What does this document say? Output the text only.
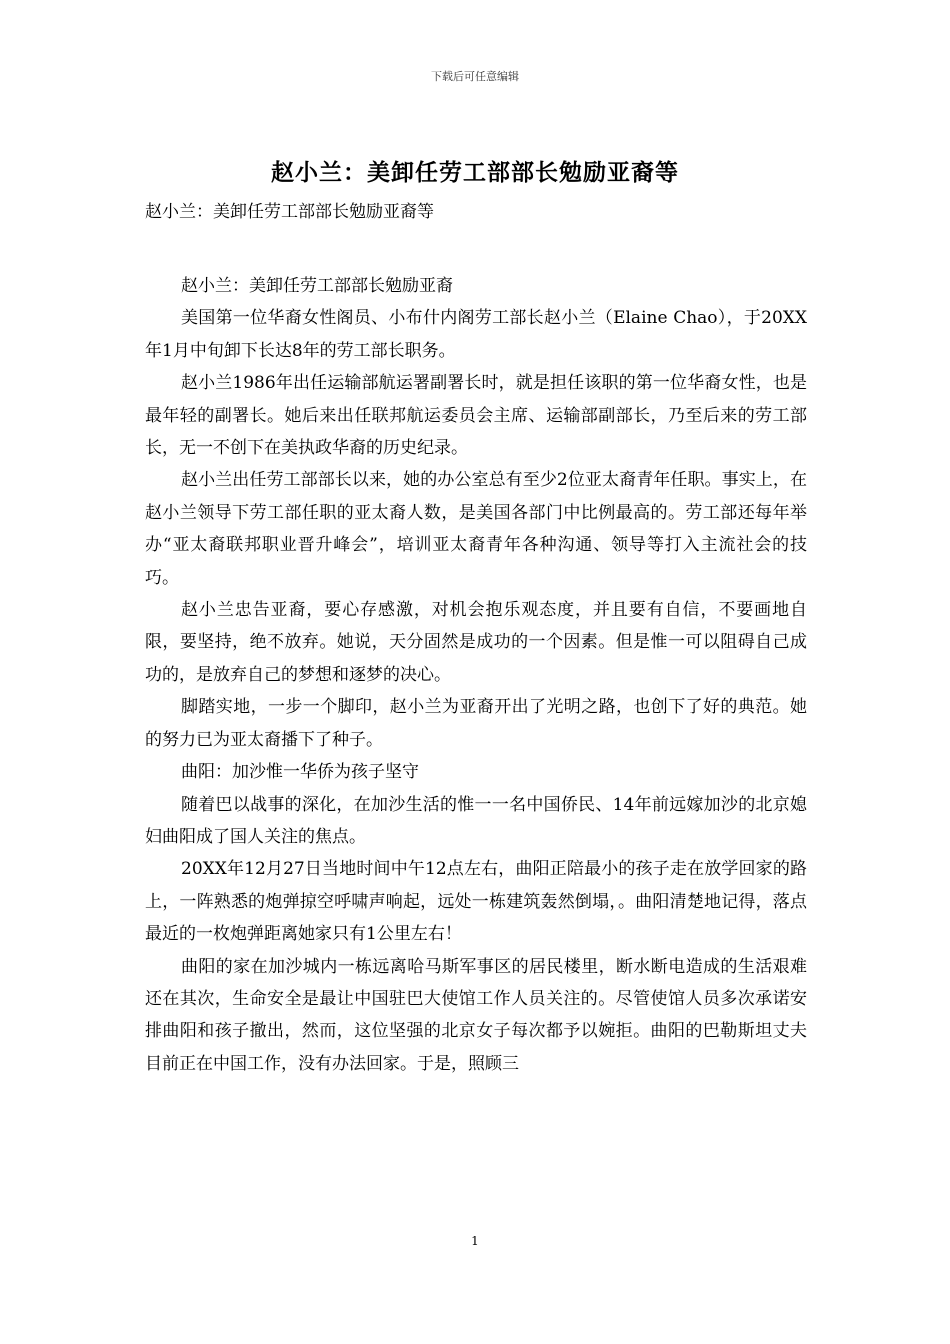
下载后可任意编辑
赵小兰：美卸任劳工部部长勉励亚裔等
赵小兰：美卸任劳工部部长勉励亚裔等

赵小兰：美卸任劳工部部长勉励亚裔

美国第一位华裔女性阁员、小布什内阁劳工部长赵小兰（Elaine Chao），于20XX年1月中旬卸下长达8年的劳工部长职务。

赵小兰1986年出任运输部航运署副署长时，就是担任该职的第一位华裔女性，也是最年轻的副署长。她后来出任联邦航运委员会主席、运输部副部长，乃至后来的劳工部长，无一不创下在美执政华裔的历史纪录。

赵小兰出任劳工部部长以来，她的办公室总有至少2位亚太裔青年任职。事实上，在赵小兰领导下劳工部任职的亚太裔人数，是美国各部门中比例最高的。劳工部还每年举办“亚太裔联邦职业晋升峰会”，培训亚太裔青年各种沟通、领导等打入主流社会的技巧。

赵小兰忠告亚裔，要心存感激，对机会抱乐观态度，并且要有自信，不要画地自限，要坚持，绝不放弃。她说，天分固然是成功的一个因素。但是惟一可以阻碍自己成功的，是放弃自己的梦想和逐梦的决心。

脚踏实地，一步一个脚印，赵小兰为亚裔开出了光明之路，也创下了好的典范。她的努力已为亚太裔播下了种子。

曲阳：加沙惟一华侨为孩子坚守

随着巴以战事的深化，在加沙生活的惟一一名中国侨民、14年前远嫁加沙的北京媳妇曲阳成了国人关注的焦点。

20XX年12月27日当地时间中午12点左右，曲阳正陪最小的孩子走在放学回家的路上，一阵熟悉的炮弹掠空呼啸声响起，远处一栋建筑轰然倒塌，。曲阳清楚地记得，落点最近的一枚炮弹距离她家只有1公里左右！

曲阳的家在加沙城内一栋远离哈马斯军事区的居民楼里，断水断电造成的生活艰难还在其次，生命安全是最让中国驻巴大使馆工作人员关注的。尽管使馆人员多次承诺安排曲阳和孩子撤出，然而，这位坚强的北京女子每次都予以婉拒。曲阳的巴勒斯坦丈夫目前正在中国工作，没有办法回家。于是，照顾三

1
